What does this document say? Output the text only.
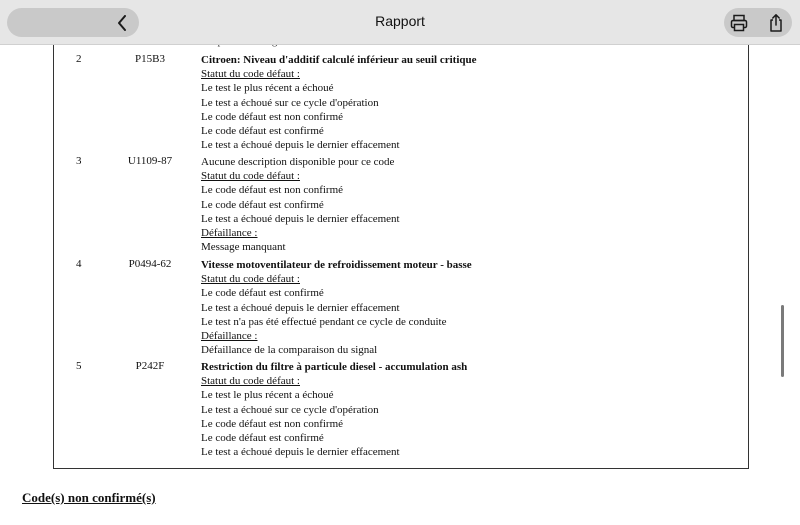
2	P15B3	Citroen: Niveau d'additif calculé inférieur au seuil critique
Statut du code défaut :
Le test le plus récent a échoué
Le test a échoué sur ce cycle d'opération
Le code défaut est non confirmé
Le code défaut est confirmé
Le test a échoué depuis le dernier effacement
3	U1109-87	Aucune description disponible pour ce code
Statut du code défaut :
Le code défaut est non confirmé
Le code défaut est confirmé
Le test a échoué depuis le dernier effacement
Défaillance :
Message manquant
4	P0494-62	Vitesse motoventilateur de refroidissement moteur - basse
Statut du code défaut :
Le code défaut est confirmé
Le test a échoué depuis le dernier effacement
Le test n'a pas été effectué pendant ce cycle de conduite
Défaillance :
Défaillance de la comparaison du signal
5	P242F	Restriction du filtre à particule diesel - accumulation ash
Statut du code défaut :
Le test le plus récent a échoué
Le test a échoué sur ce cycle d'opération
Le code défaut est non confirmé
Le code défaut est confirmé
Le test a échoué depuis le dernier effacement
Code(s) non confirmé(s)
Rapport
